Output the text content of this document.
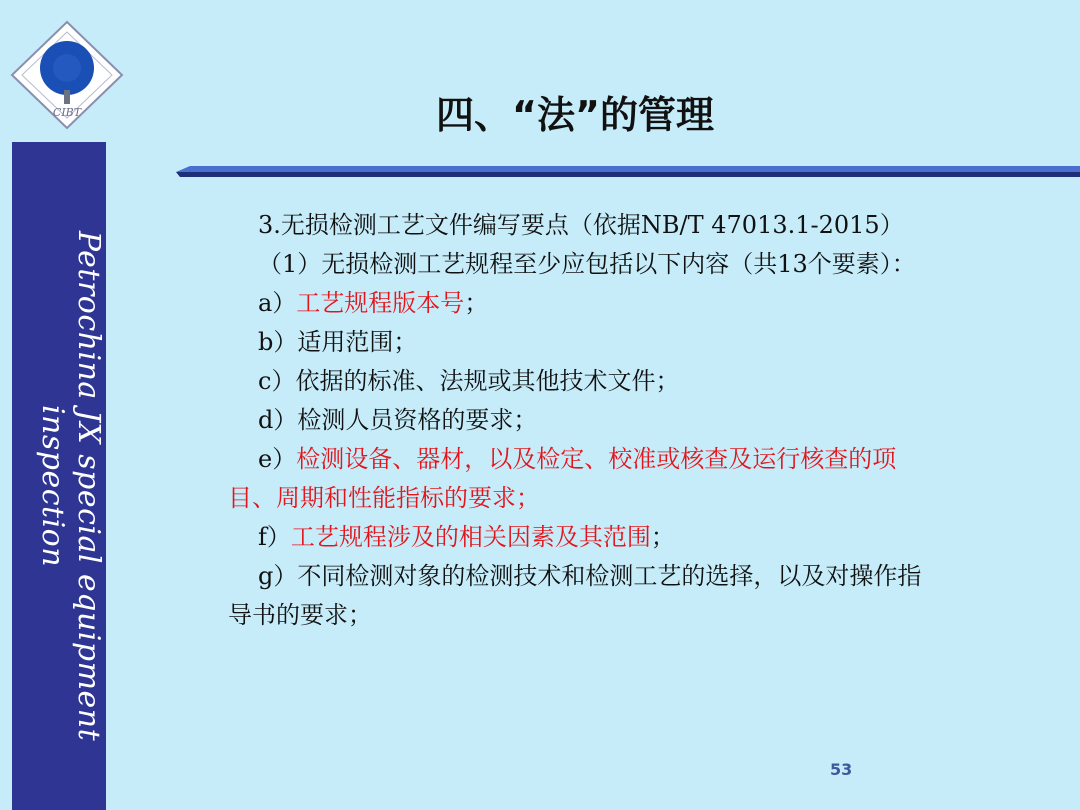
CIBT
Petrochina JX special equipment inspection
四、“法”的管理

3.无损检测工艺文件编写要点（依据NB/T 47013.1-2015）

（1）无损检测工艺规程至少应包括以下内容（共13个要素）：

a）工艺规程版本号；

b）适用范围；

c）依据的标准、法规或其他技术文件；

d）检测人员资格的要求；

e）检测设备、器材，以及检定、校准或核查及运行核查的项目、周期和性能指标的要求；

f）工艺规程涉及的相关因素及其范围；

g）不同检测对象的检测技术和检测工艺的选择，以及对操作指导书的要求；

53
